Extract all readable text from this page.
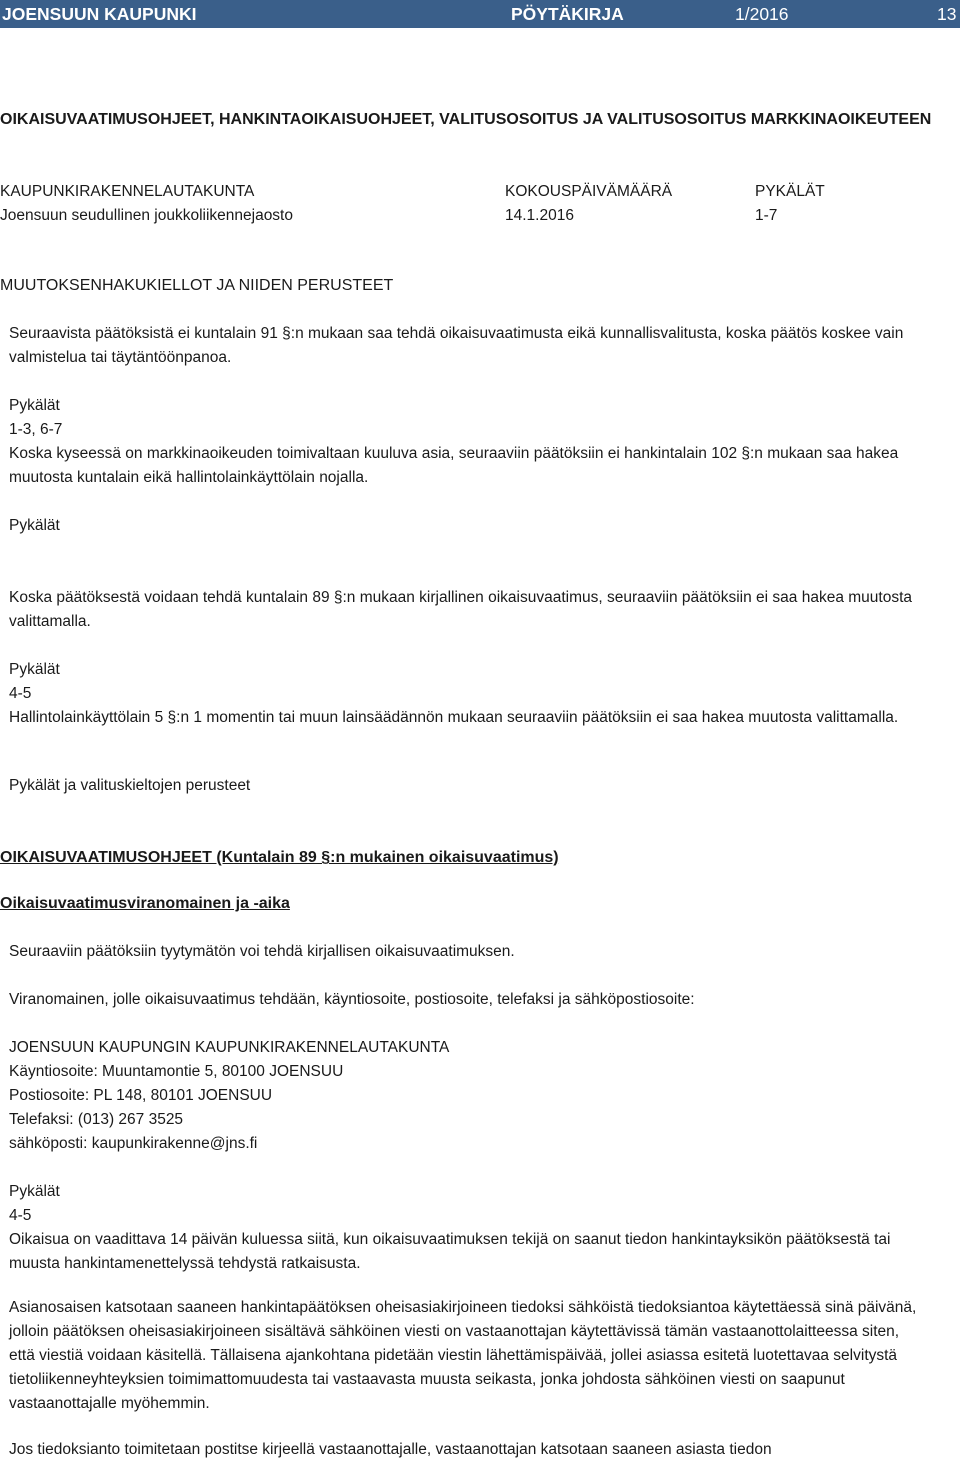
JOENSUUN KAUPUNKI	PÖYTÄKIRJA	1/2016	13
OIKAISUVAATIMUSOHJEET, HANKINTAOIKAISUOHJEET, VALITUSOSOITUS JA VALITUSOSOITUS MARKKINAOIKEUTEEN
KAUPUNKIRAKENNELAUTAKUNTA	KOKOUSPÄIVÄMÄÄRÄ	PYKÄLÄT
Joensuun seudullinen joukkoliikennejaosto	14.1.2016	1-7
MUUTOKSENHAKUKIELLOT JA NIIDEN PERUSTEET

Seuraavista päätöksistä ei kuntalain 91 §:n mukaan saa tehdä oikaisuvaatimusta eikä kunnallisvalitusta, koska päätös koskee vain valmistelua tai täytäntöönpanoa.

Pykälät
1-3, 6-7

Koska kyseessä on markkinaoikeuden toimivaltaan kuuluva asia, seuraaviin päätöksiin ei hankintalain 102 §:n mukaan saa hakea muutosta kuntalain eikä hallintolainkäyttölain nojalla.

Pykälät

Koska päätöksestä voidaan tehdä kuntalain 89 §:n mukaan kirjallinen oikaisuvaatimus, seuraaviin päätöksiin ei saa hakea muutosta valittamalla.

Pykälät
4-5

Hallintolainkäyttölain 5 §:n 1 momentin tai muun lainsäädännön mukaan seuraaviin päätöksiin ei saa hakea muutosta valittamalla.

Pykälät ja valituskieltojen perusteet
OIKAISUVAATIMUSOHJEET (Kuntalain 89 §:n mukainen oikaisuvaatimus)
Oikaisuvaatimusviranomainen ja -aika

Seuraaviin päätöksiin tyytymätön voi tehdä kirjallisen oikaisuvaatimuksen.

Viranomainen, jolle oikaisuvaatimus tehdään, käyntiosoite, postiosoite, telefaksi ja sähköpostiosoite:

JOENSUUN KAUPUNGIN KAUPUNKIRAKENNELAUTAKUNTA
Käyntiosoite: Muuntamontie 5, 80100 JOENSUU
Postiosoite: PL 148, 80101 JOENSUU
Telefaksi: (013) 267 3525
sähköposti: kaupunkirakenne@jns.fi
Pykälät
4-5

Oikaisua on vaadittava 14 päivän kuluessa siitä, kun oikaisuvaatimuksen tekijä on saanut tiedon hankintayksikön päätöksestä tai muusta hankintamenettelyssä tehdystä ratkaisusta.

Asianosaisen katsotaan saaneen hankintapäätöksen oheisasiakirjoineen tiedoksi sähköistä tiedoksiantoa käytettäessä sinä päivänä, jolloin päätöksen oheisasiakirjoineen sisältävä sähköinen viesti on vastaanottajan käytettävissä tämän vastaanottolaitteessa siten, että viestiä voidaan käsitellä. Tällaisena ajankohtana pidetään viestin lähettämispäivää, jollei asiassa esitetä luotettavaa selvitystä tietoliikenneyhteyksien toimimattomuudesta tai vastaavasta muusta seikasta, jonka johdosta sähköinen viesti on saapunut vastaanottajalle myöhemmin.

Jos tiedoksianto toimitetaan postitse kirjeellä vastaanottajalle, vastaanottajan katsotaan saaneen asiasta tiedon
